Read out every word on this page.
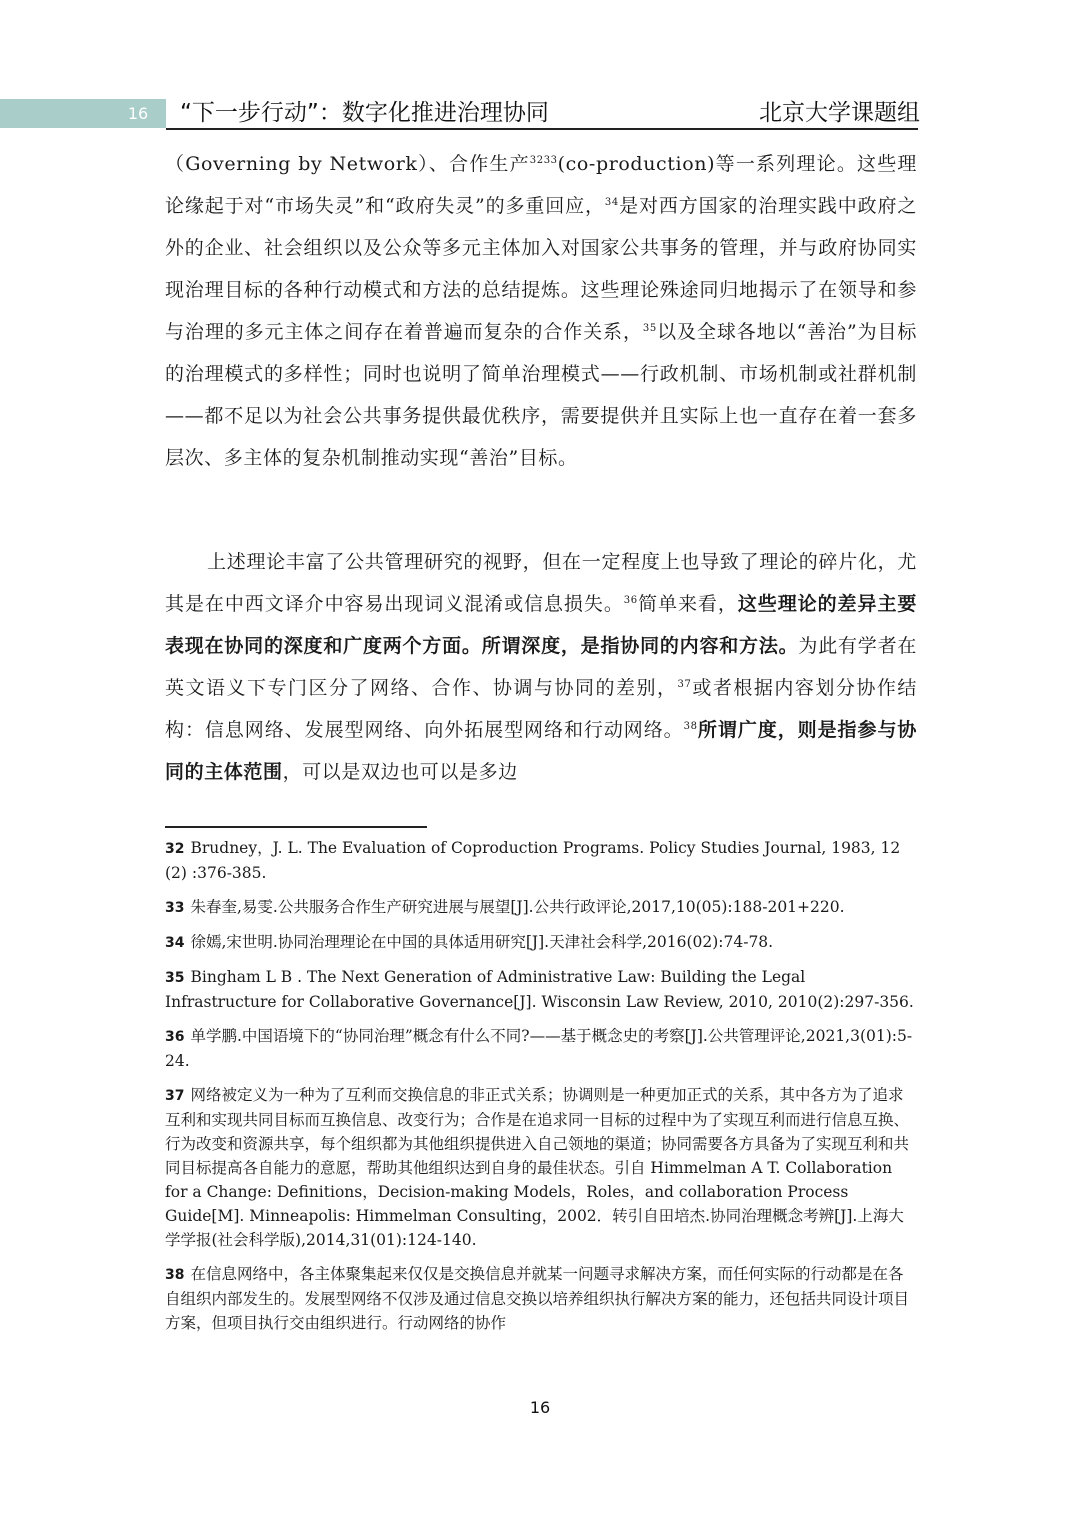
16	“下一步行动”：数字化推进治理协同	北京大学课题组

（Governing by Network）、合作生产$^{3233}$(co-production)等一系列理论。这些理论缘起于对“市场失灵”和“政府失灵”的多重回应，$^{34}$是对西方国家的治理实践中政府之外的企业、社会组织以及公众等多元主体加入对国家公共事务的管理，并与政府协同实现治理目标的各种行动模式和方法的总结提炼。这些理论殊途同归地揭示了在领导和参与治理的多元主体之间存在着普遍而复杂的合作关系，$^{35}$以及全球各地以“善治”为目标的治理模式的多样性；同时也说明了简单治理模式——行政机制、市场机制或社群机制——都不足以为社会公共事务提供最优秩序，需要提供并且实际上也一直存在着一套多层次、多主体的复杂机制推动实现“善治”目标。

上述理论丰富了公共管理研究的视野，但在一定程度上也导致了理论的碎片化，尤其是在中西文译介中容易出现词义混淆或信息损失。$^{36}$简单来看，这些理论的差异主要表现在协同的深度和广度两个方面。所谓深度，是指协同的内容和方法。为此有学者在英文语义下专门区分了网络、合作、协调与协同的差别，$^{37}$或者根据内容划分协作结构：信息网络、发展型网络、向外拓展型网络和行动网络。$^{38}$所谓广度，则是指参与协同的主体范围，可以是双边也可以是多边

32 Brudney，J. L. The Evaluation of Coproduction Programs. Policy Studies Journal, 1983, 12 (2) :376-385.

33 朱春奎,易雯.公共服务合作生产研究进展与展望[J].公共行政评论,2017,10(05):188-201+220.

34 徐嫣,宋世明.协同治理理论在中国的具体适用研究[J].天津社会科学,2016(02):74-78.

35 Bingham L B . The Next Generation of Administrative Law: Building the Legal Infrastructure for Collaborative Governance[J]. Wisconsin Law Review, 2010, 2010(2):297-356.

36 单学鹏.中国语境下的“协同治理”概念有什么不同?——基于概念史的考察[J].公共管理评论,2021,3(01):5-24.

37 网络被定义为一种为了互利而交换信息的非正式关系；协调则是一种更加正式的关系，其中各方为了追求互利和实现共同目标而互换信息、改变行为；合作是在追求同一目标的过程中为了实现互利而进行信息互换、行为改变和资源共享，每个组织都为其他组织提供进入自己领地的渠道；协同需要各方具备为了实现互利和共同目标提高各自能力的意愿，帮助其他组织达到自身的最佳状态。引自 Himmelman A T. Collaboration for a Change: Definitions，Decision-making Models，Roles，and collaboration Process Guide[M]. Minneapolis: Himmelman Consulting，2002．转引自田培杰.协同治理概念考辨[J].上海大学学报(社会科学版),2014,31(01):124-140.

38 在信息网络中，各主体聚集起来仅仅是交换信息并就某一问题寻求解决方案，而任何实际的行动都是在各自组织内部发生的。发展型网络不仅涉及通过信息交换以培养组织执行解决方案的能力，还包括共同设计项目方案，但项目执行交由组织进行。行动网络的协作

16
